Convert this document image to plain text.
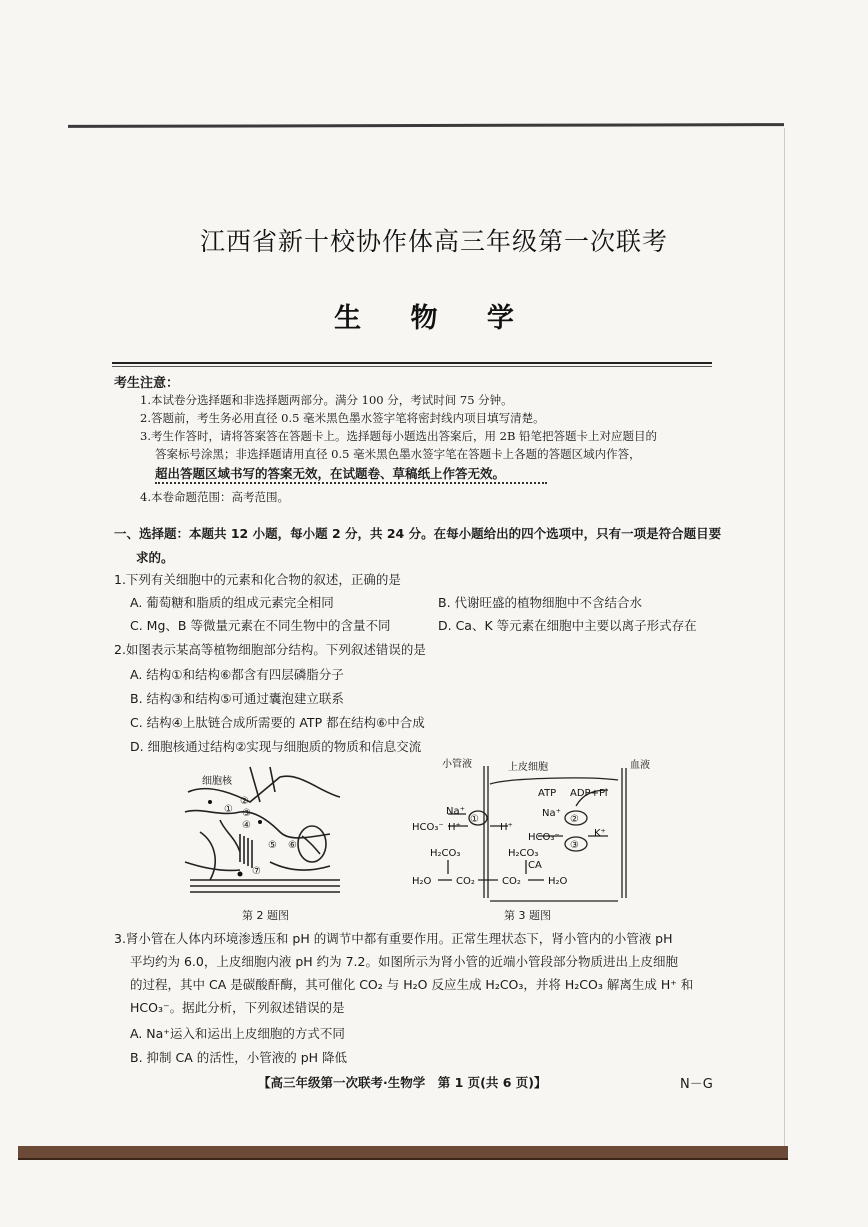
江西省新十校协作体高三年级第一次联考
生 物 学
考生注意：
1.本试卷分选择题和非选择题两部分。满分 100 分，考试时间 75 分钟。
2.答题前，考生务必用直径 0.5 毫米黑色墨水签字笔将密封线内项目填写清楚。
3.考生作答时，请将答案答在答题卡上。选择题每小题选出答案后，用 2B 铅笔把答题卡上对应题目的
答案标号涂黑；非选择题请用直径 0.5 毫米黑色墨水签字笔在答题卡上各题的答题区域内作答，
超出答题区域书写的答案无效，在试题卷、草稿纸上作答无效。
4.本卷命题范围：高考范围。
一、选择题：本题共 12 小题，每小题 2 分，共 24 分。在每小题给出的四个选项中，只有一项是符合题目要
求的。
1.下列有关细胞中的元素和化合物的叙述，正确的是
A. 葡萄糖和脂质的组成元素完全相同	B. 代谢旺盛的植物细胞中不含结合水
C. Mg、B 等微量元素在不同生物中的含量不同	D. Ca、K 等元素在细胞中主要以离子形式存在
2.如图表示某高等植物细胞部分结构。下列叙述错误的是
A. 结构①和结构⑥都含有四层磷脂分子
B. 结构③和结构⑤可通过囊泡建立联系
C. 结构④上肽链合成所需要的 ATP 都在结构⑥中合成
D. 细胞核通过结构②实现与细胞质的物质和信息交流
细胞核
①
②
③
④
⑤ ⑥
⑦
第 2 题图
小管液	上皮细胞	血液
ATP ADP+Pi
Na⁺	Na⁺
H⁺	H⁺
K⁺
HCO₃⁻
HCO₃⁻
①	②
③
H₂CO₃	H₂CO₃
CA
H₂O CO₂	CO₂	H₂O
第 3 题图
3.肾小管在人体内环境渗透压和 pH 的调节中都有重要作用。正常生理状态下，肾小管内的小管液 pH
平均约为 6.0，上皮细胞内液 pH 约为 7.2。如图所示为肾小管的近端小管段部分物质进出上皮细胞
的过程，其中 CA 是碳酸酐酶，其可催化 CO₂ 与 H₂O 反应生成 H₂CO₃，并将 H₂CO₃ 解离生成 H⁺ 和
HCO₃⁻。据此分析，下列叙述错误的是
A. Na⁺运入和运出上皮细胞的方式不同
B. 抑制 CA 的活性，小管液的 pH 降低
【高三年级第一次联考·生物学　第 1 页(共 6 页)】	N－G
